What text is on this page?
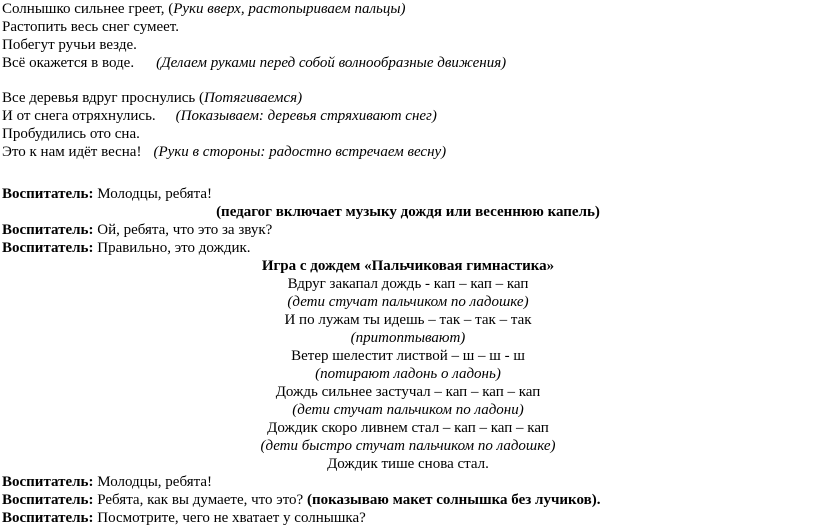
Солнышко сильнее греет, (Руки вверх, растопыриваем пальцы)
Растопить весь снег сумеет.
Побегут ручьи везде.
Всё окажется в воде. (Делаем руками перед собой волнообразные движения)
Все деревья вдруг проснулись (Потягиваемся)
И от снега отряхнулись. (Показываем: деревья стряхивают снег)
Пробудились ото сна.
Это к нам идёт весна! (Руки в стороны: радостно встречаем весну)
Воспитатель: Молодцы, ребята!
(педагог включает музыку дождя или весеннюю капель)
Воспитатель: Ой, ребята, что это за звук?
Воспитатель: Правильно, это дождик.
Игра с дождем «Пальчиковая гимнастика»
Вдруг закапал дождь - кап – кап – кап
(дети стучат пальчиком по ладошке)
И по лужам ты идешь – так – так – так
(притоптывают)
Ветер шелестит листвой – ш – ш - ш
(потирают ладонь о ладонь)
Дождь сильнее застучал – кап – кап – кап
(дети стучат пальчиком по ладони)
Дождик скоро ливнем стал – кап – кап – кап
(дети быстро стучат пальчиком по ладошке)
Дождик тише снова стал.
Воспитатель: Молодцы, ребята!
Воспитатель: Ребята, как вы думаете, что это? (показываю макет солнышка без лучиков).
Воспитатель: Посмотрите, чего не хватает у солнышка?
